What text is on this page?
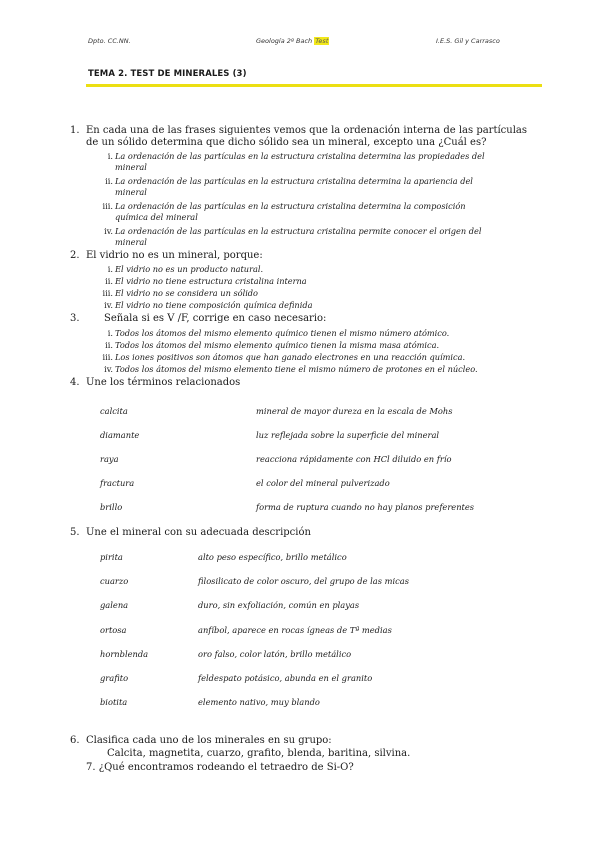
Dpto. CC.NN.	Geología 2º Bach Test	I.E.S. Gil y Carrasco
TEMA 2. TEST DE MINERALES (3)
1. En cada una de las frases siguientes vemos que la ordenación interna de las partículas
de un sólido determina que dicho sólido sea un mineral, excepto una ¿Cuál es?
i. La ordenación de las partículas en la estructura cristalina determina las propiedades del
mineral
ii. La ordenación de las partículas en la estructura cristalina determina la apariencia del
mineral
iii. La ordenación de las partículas en la estructura cristalina determina la composición
química del mineral
iv. La ordenación de las partículas en la estructura cristalina permite conocer el origen del
mineral
2. El vidrio no es un mineral, porque:
i. El vidrio no es un producto natural.
ii. El vidrio no tiene estructura cristalina interna
iii. El vidrio no se considera un sólido
iv. El vidrio no tiene composición química definida
3. Señala si es V /F, corrige en caso necesario:
i. Todos los átomos del mismo elemento químico tienen el mismo número atómico.
ii. Todos los átomos del mismo elemento químico tienen la misma masa atómica.
iii. Los iones positivos son átomos que han ganado electrones en una reacción química.
iv. Todos los átomos del mismo elemento tiene el mismo número de protones en el núcleo.
4. Une los términos relacionados
calcita	mineral de mayor dureza en la escala de Mohs
diamante	luz reflejada sobre la superficie del mineral
raya	reacciona rápidamente con HCl diluido en frío
fractura	el color del mineral pulverizado
brillo	forma de ruptura cuando no hay planos preferentes
5. Une el mineral con su adecuada descripción
pirita	alto peso específico, brillo metálico
cuarzo	filosilicato de color oscuro, del grupo de las micas
galena	duro, sin exfoliación, común en playas
ortosa	anfíbol, aparece en rocas ígneas de Tª medias
hornblenda	oro falso, color latón, brillo metálico
grafito	feldespato potásico, abunda en el granito
biotita	elemento nativo, muy blando
6. Clasifica cada uno de los minerales en su grupo:
Calcita, magnetita, cuarzo, grafito, blenda, baritina, silvina.
7. ¿Qué encontramos rodeando el tetraedro de Si-O?
